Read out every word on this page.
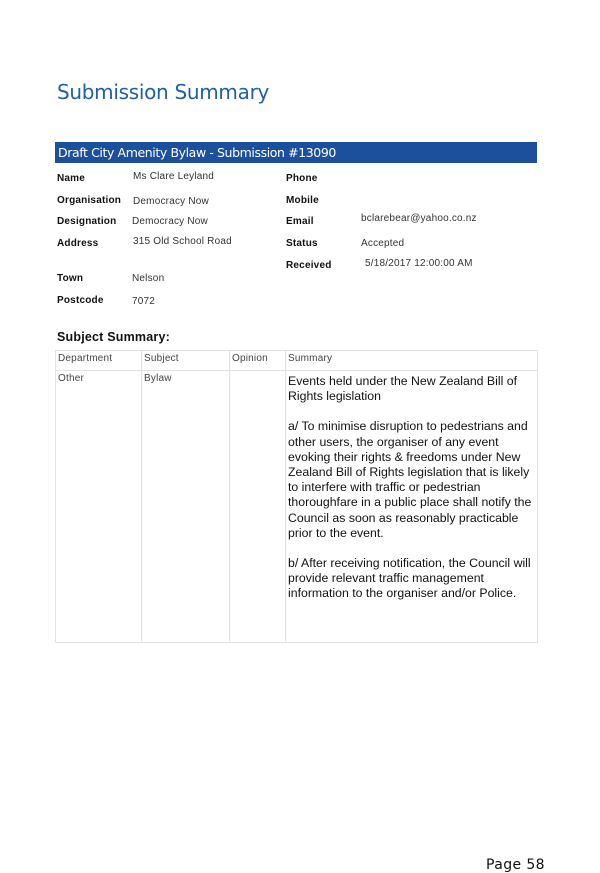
Submission Summary
Draft City Amenity Bylaw - Submission #13090
Name	Ms Clare Leyland
Organisation Democracy Now
Designation Democracy Now
Address	315 Old School Road
Town	Nelson
Postcode	7072
Phone
Mobile
Email	bclarebear@yahoo.co.nz
Status	Accepted
Received	5/18/2017 12:00:00 AM
Subject Summary:
Department	Subject	Opinion	Summary
Other	Bylaw		Events held under the New Zealand Bill of Rights legislation

a/ To minimise disruption to pedestrians and other users, the organiser of any event evoking their rights & freedoms under New Zealand Bill of Rights legislation that is likely to interfere with traffic or pedestrian thoroughfare in a public place shall notify the Council as soon as reasonably practicable prior to the event.

b/ After receiving notification, the Council will provide relevant traffic management information to the organiser and/or Police.

Page 58
